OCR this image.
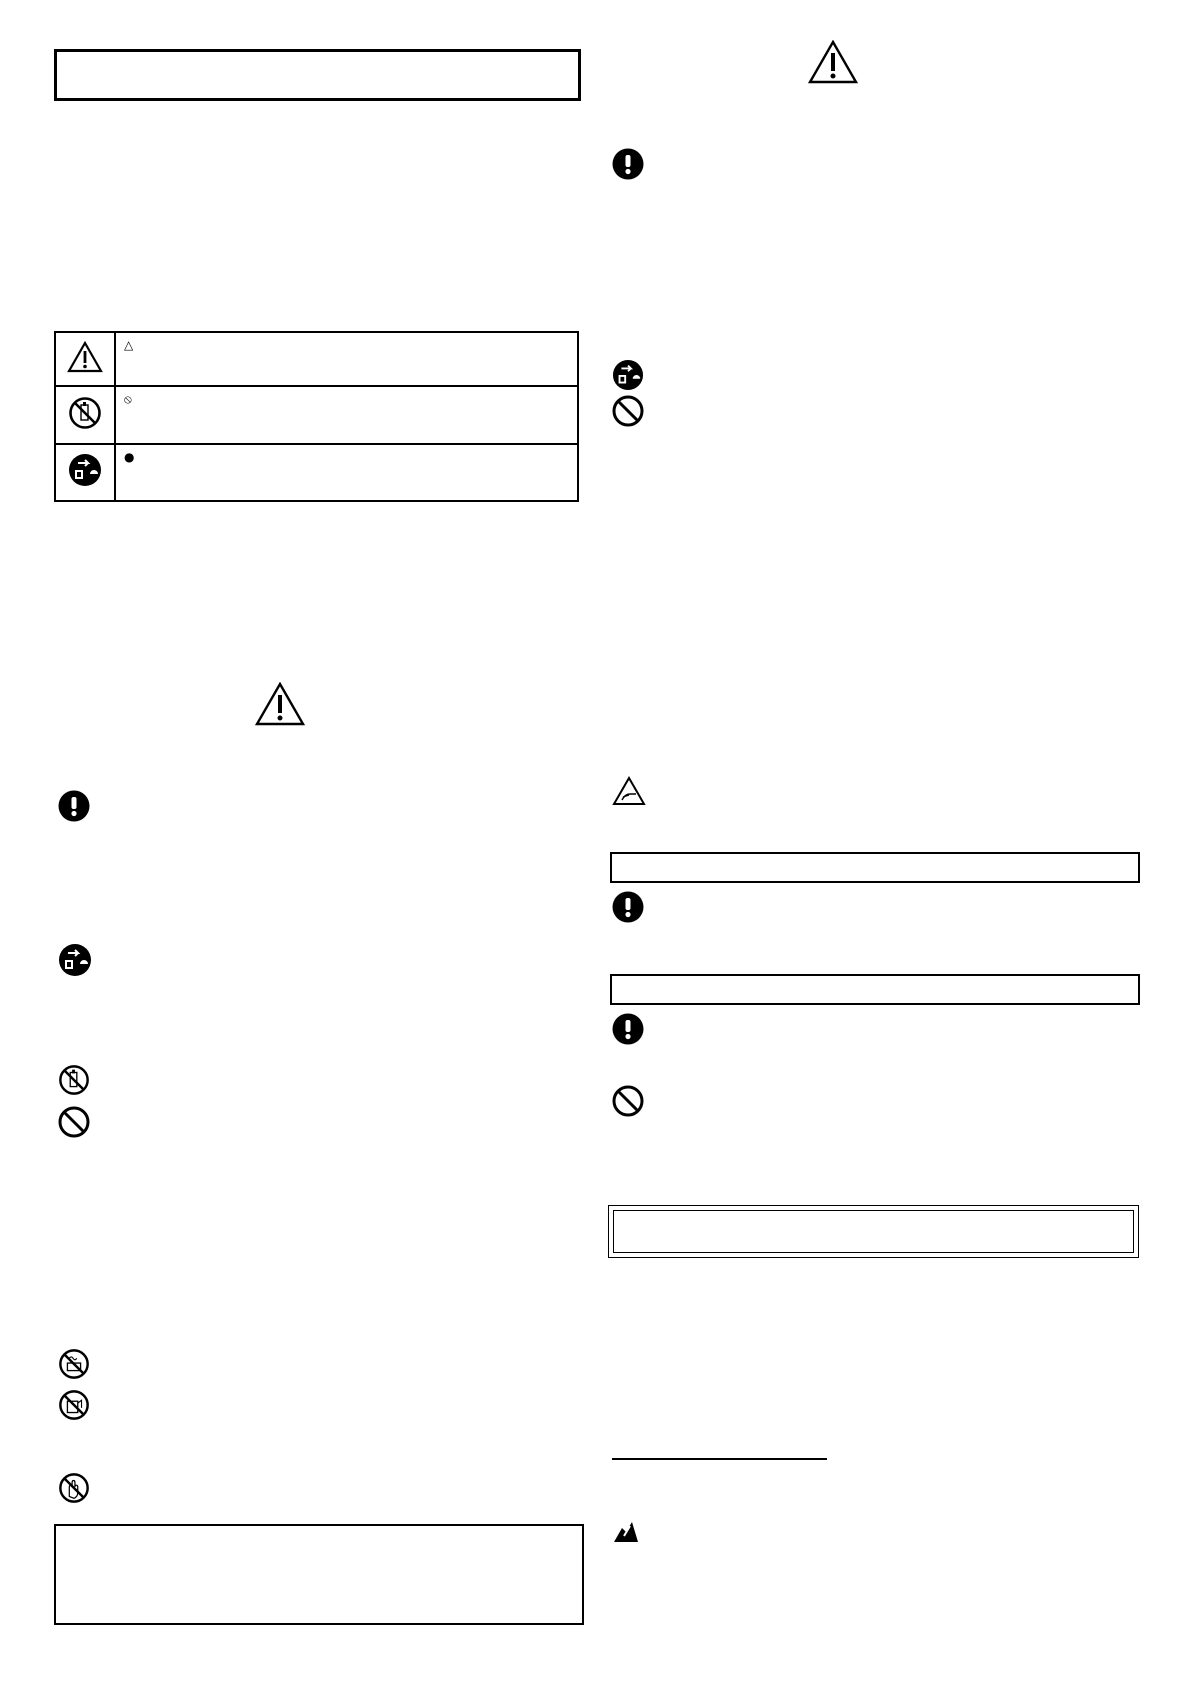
△

⦸

●
